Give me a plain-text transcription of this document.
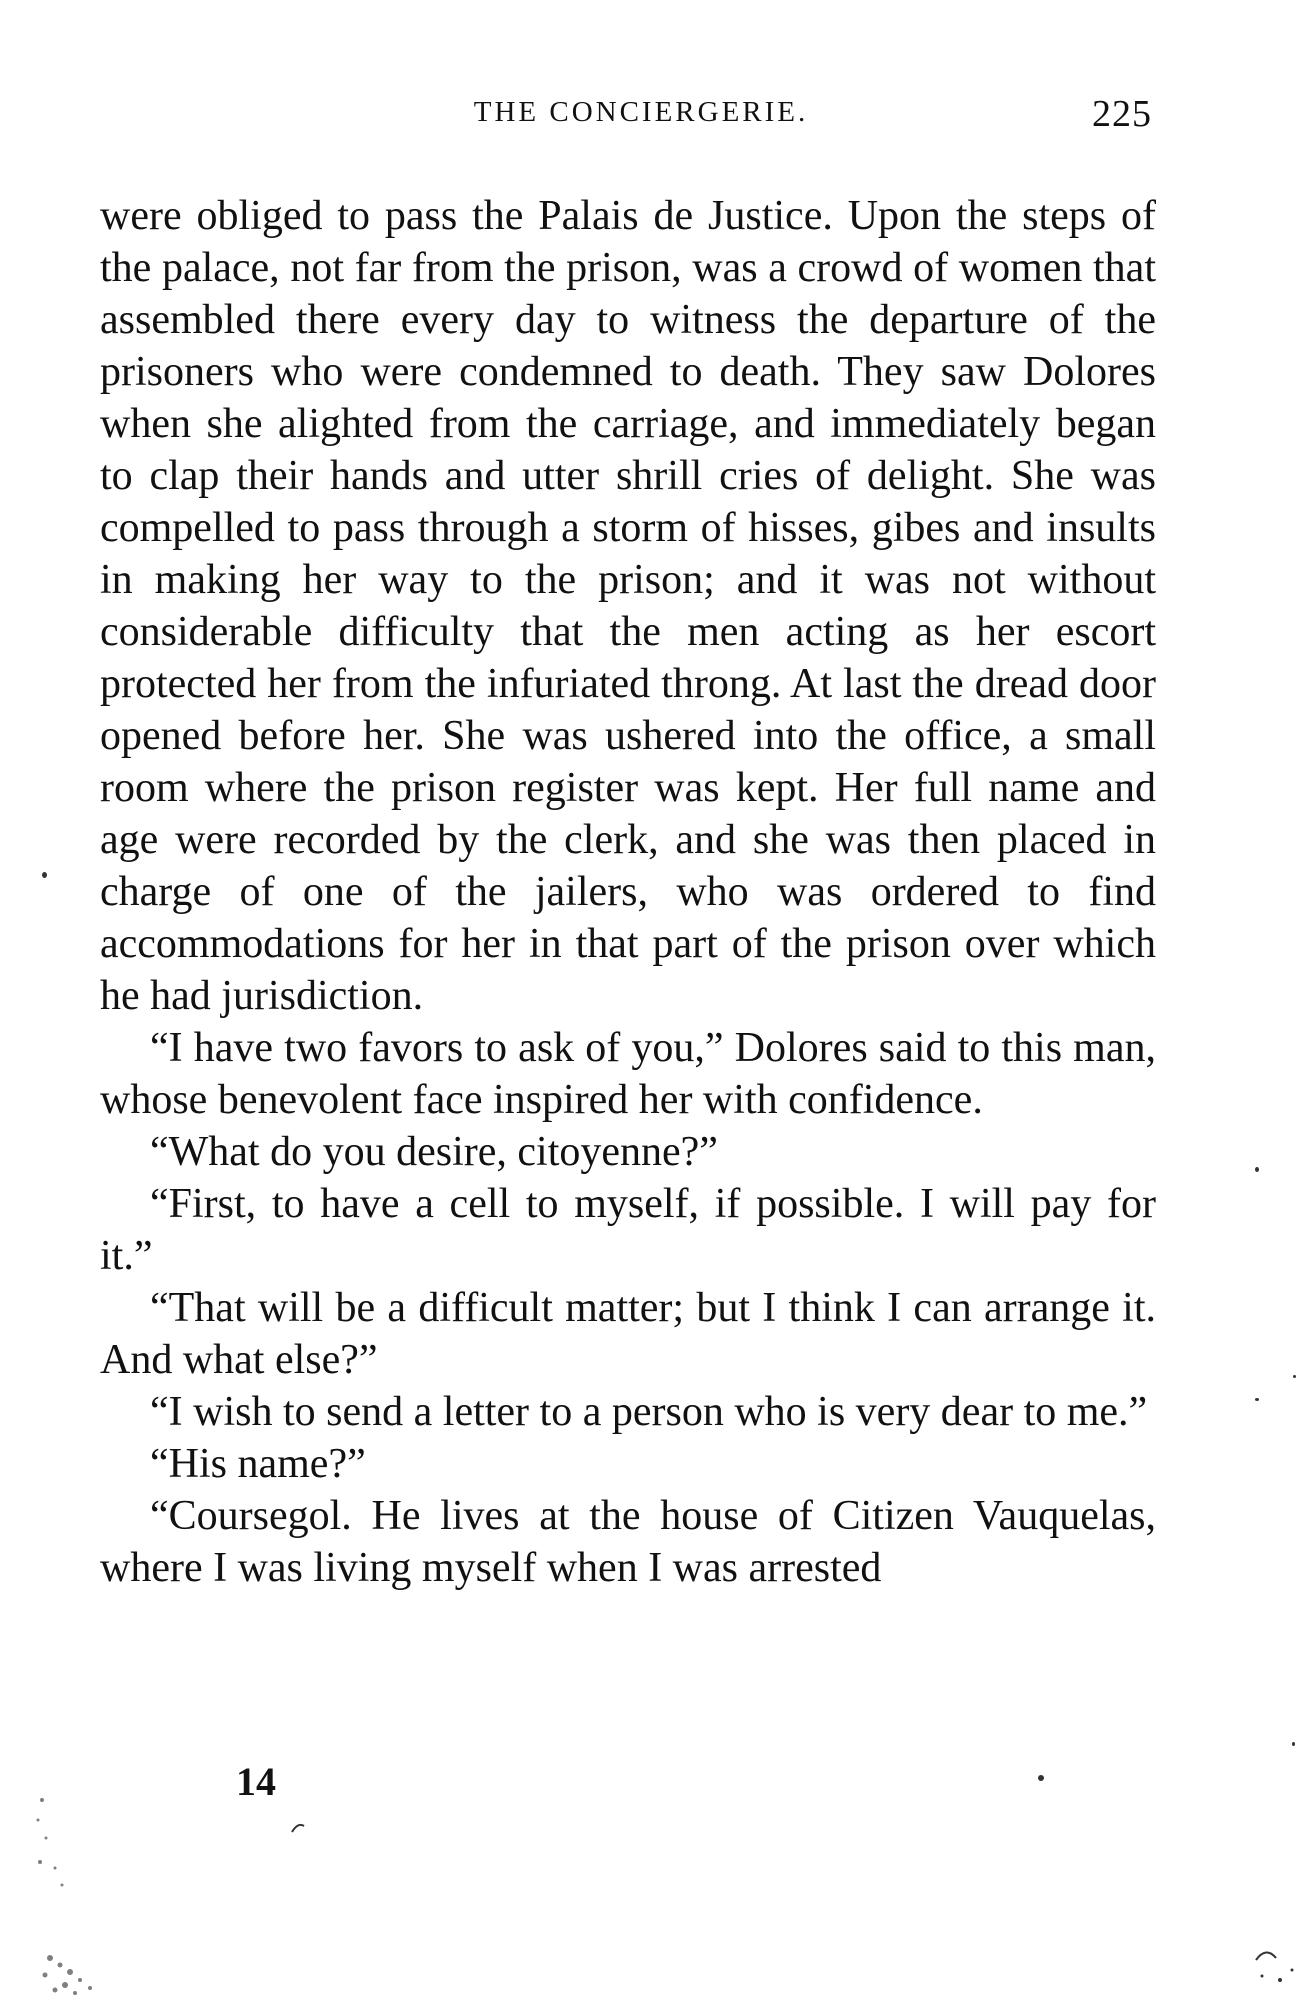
THE CONCIERGERIE.	225

were obliged to pass the Palais de Justice. Upon the steps of the palace, not far from the prison, was a crowd of women that assembled there every day to witness the departure of the prisoners who were condemned to death. They saw Dolores when she alighted from the carriage, and immediately began to clap their hands and utter shrill cries of delight. She was compelled to pass through a storm of hisses, gibes and insults in making her way to the prison; and it was not without considerable difficulty that the men acting as her escort protected her from the infuriated throng. At last the dread door opened before her. She was ushered into the office, a small room where the prison register was kept. Her full name and age were recorded by the clerk, and she was then placed in charge of one of the jailers, who was ordered to find accommodations for her in that part of the prison over which he had jurisdiction.

“I have two favors to ask of you,” Dolores said to this man, whose benevolent face inspired her with confidence.

“What do you desire, citoyenne?”

“First, to have a cell to myself, if possible. I will pay for it.”

“That will be a difficult matter; but I think I can arrange it. And what else?”

“I wish to send a letter to a person who is very dear to me.”

“His name?”

“Coursegol. He lives at the house of Citizen Vauquelas, where I was living myself when I was arrested

14
